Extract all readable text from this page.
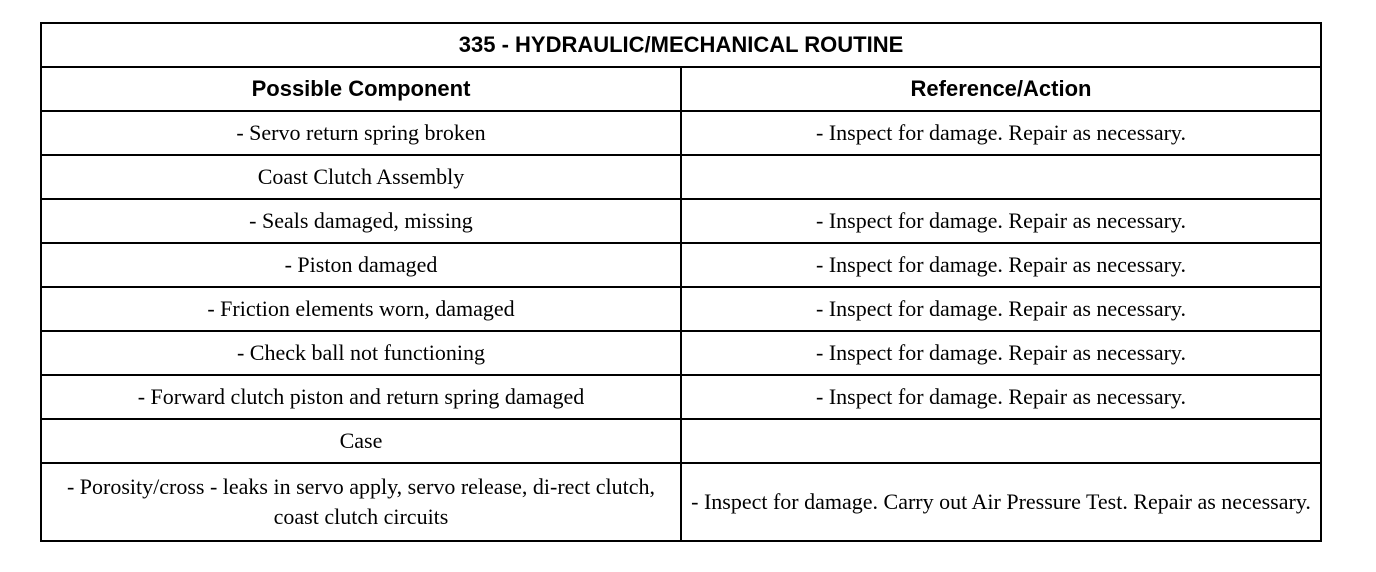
335 - HYDRAULIC/MECHANICAL ROUTINE	
Possible Component	Reference/Action
- Servo return spring broken	- Inspect for damage. Repair as necessary.
Coast Clutch Assembly	
- Seals damaged, missing	- Inspect for damage. Repair as necessary.
- Piston damaged	- Inspect for damage. Repair as necessary.
- Friction elements worn, damaged	- Inspect for damage. Repair as necessary.
- Check ball not functioning	- Inspect for damage. Repair as necessary.
- Forward clutch piston and return spring damaged	- Inspect for damage. Repair as necessary.
Case	
- Porosity/cross - leaks in servo apply, servo release, di-rect clutch, coast clutch circuits	- Inspect for damage. Carry out Air Pressure Test. Repair as necessary.
